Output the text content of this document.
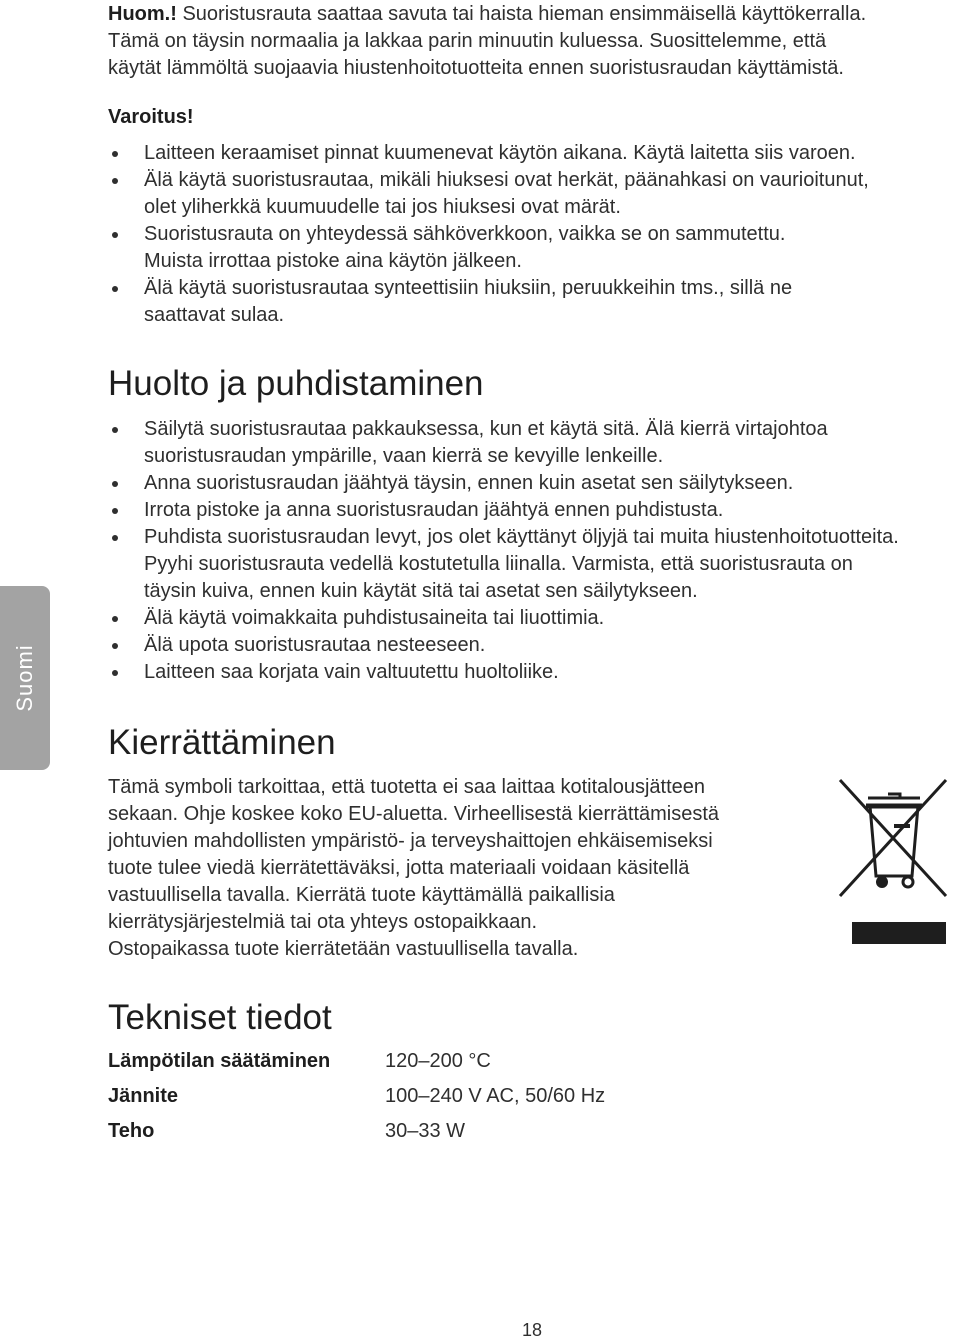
Suomi
Huom.! Suoristusrauta saattaa savuta tai haista hieman ensimmäisellä käyttökerralla.
Tämä on täysin normaalia ja lakkaa parin minuutin kuluessa. Suosittelemme, että
käytät lämmöltä suojaavia hiustenhoitotuotteita ennen suoristusraudan käyttämistä.
Varoitus!
Laitteen keraamiset pinnat kuumenevat käytön aikana. Käytä laitetta siis varoen.
Älä käytä suoristusrautaa, mikäli hiuksesi ovat herkät, päänahkasi on vaurioitunut,
olet yliherkkä kuumuudelle tai jos hiuksesi ovat märät.
Suoristusrauta on yhteydessä sähköverkkoon, vaikka se on sammutettu.
Muista irrottaa pistoke aina käytön jälkeen.
Älä käytä suoristusrautaa synteettisiin hiuksiin, peruukkeihin tms., sillä ne
saattavat sulaa.
Huolto ja puhdistaminen
Säilytä suoristusrautaa pakkauksessa, kun et käytä sitä. Älä kierrä virtajohtoa
suoristusraudan ympärille, vaan kierrä se kevyille lenkeille.
Anna suoristusraudan jäähtyä täysin, ennen kuin asetat sen säilytykseen.
Irrota pistoke ja anna suoristusraudan jäähtyä ennen puhdistusta.
Puhdista suoristusraudan levyt, jos olet käyttänyt öljyjä tai muita hiustenhoitotuotteita.
Pyyhi suoristusrauta vedellä kostutetulla liinalla. Varmista, että suoristusrauta on
täysin kuiva, ennen kuin käytät sitä tai asetat sen säilytykseen.
Älä käytä voimakkaita puhdistusaineita tai liuottimia.
Älä upota suoristusrautaa nesteeseen.
Laitteen saa korjata vain valtuutettu huoltoliike.
Kierrättäminen
Tämä symboli tarkoittaa, että tuotetta ei saa laittaa kotitalousjätteen
sekaan. Ohje koskee koko EU-aluetta. Virheellisestä kierrättämisestä
johtuvien mahdollisten ympäristö- ja terveyshaittojen ehkäisemiseksi
tuote tulee viedä kierrätettäväksi, jotta materiaali voidaan käsitellä
vastuullisella tavalla. Kierrätä tuote käyttämällä paikallisia
kierrätysjärjestelmiä tai ota yhteys ostopaikkaan.
Ostopaikassa tuote kierrätetään vastuullisella tavalla.
Tekniset tiedot
Lämpötilan säätäminen	120–200 °C
Jännite	100–240 V AC, 50/60 Hz
Teho	30–33 W
18
